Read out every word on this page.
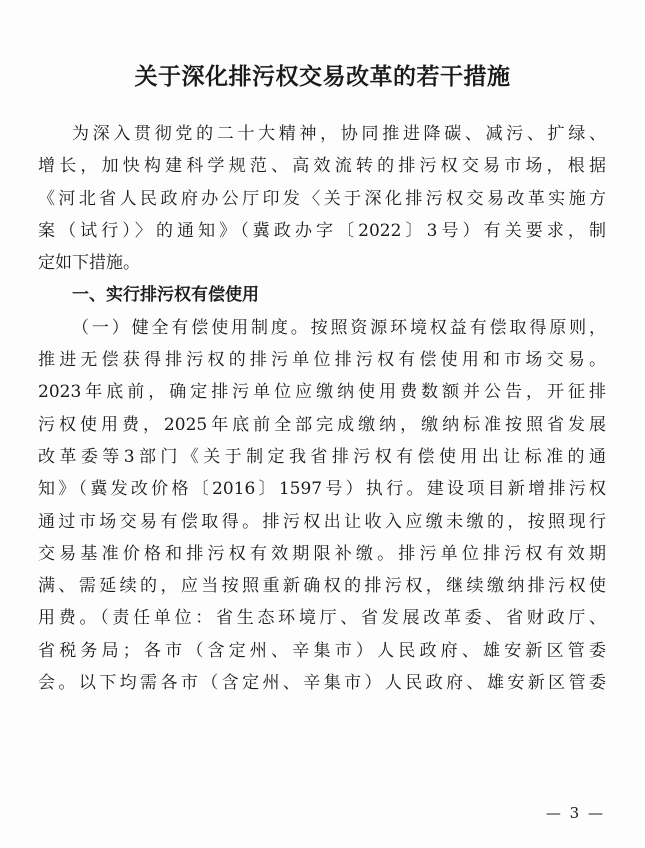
关于深化排污权交易改革的若干措施
为深入贯彻党的二十大精神，协同推进降碳、减污、扩绿、
增长，加快构建科学规范、高效流转的排污权交易市场，根据
《河北省人民政府办公厅印发〈关于深化排污权交易改革实施方
案（试行）〉的通知》（冀政办字〔2022〕3号）有关要求，制
定如下措施。
一、实行排污权有偿使用
（一）健全有偿使用制度。按照资源环境权益有偿取得原则，
推进无偿获得排污权的排污单位排污权有偿使用和市场交易。
2023年底前，确定排污单位应缴纳使用费数额并公告，开征排
污权使用费，2025年底前全部完成缴纳，缴纳标准按照省发展
改革委等3部门《关于制定我省排污权有偿使用出让标准的通
知》（冀发改价格〔2016〕1597号）执行。建设项目新增排污权
通过市场交易有偿取得。排污权出让收入应缴未缴的，按照现行
交易基准价格和排污权有效期限补缴。排污单位排污权有效期
满、需延续的，应当按照重新确权的排污权，继续缴纳排污权使
用费。（责任单位：省生态环境厅、省发展改革委、省财政厅、
省税务局；各市（含定州、辛集市）人民政府、雄安新区管委
会。以下均需各市（含定州、辛集市）人民政府、雄安新区管委
— 3 —
